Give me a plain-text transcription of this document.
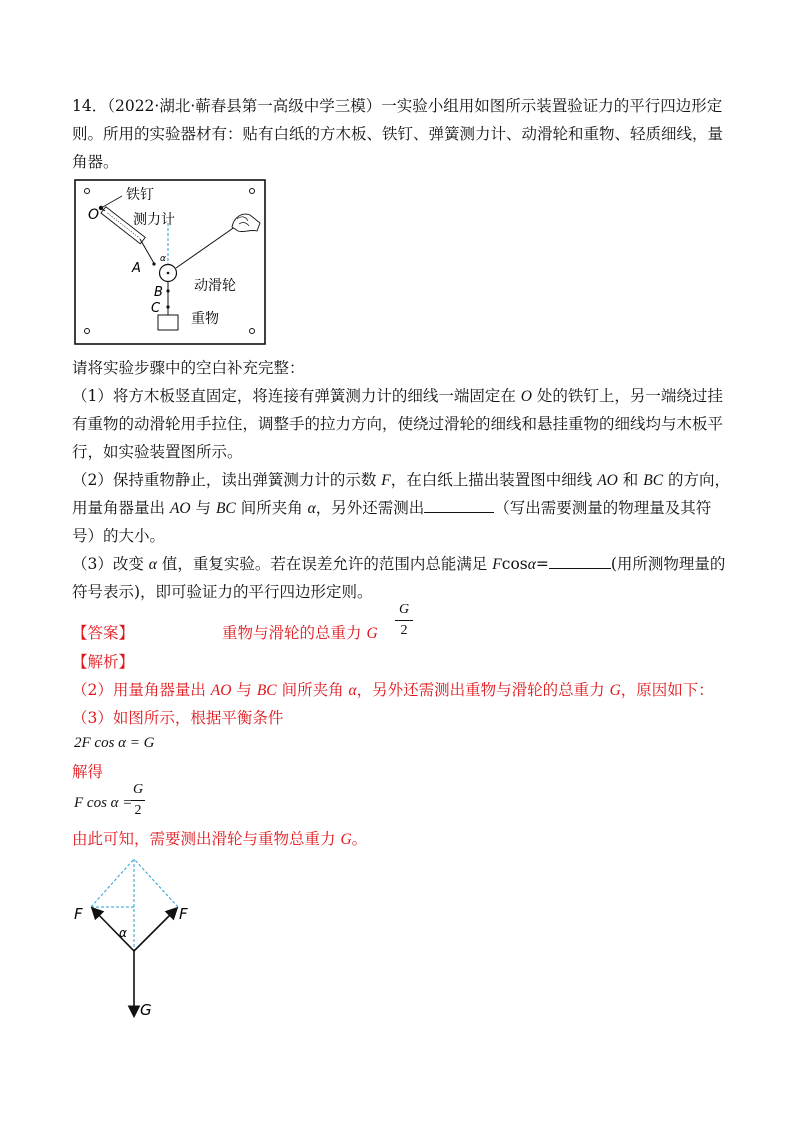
14．（2022·湖北·蕲春县第一高级中学三模）一实验小组用如图所示装置验证力的平行四边形定
则。所用的实验器材有：贴有白纸的方木板、铁钉、弹簧测力计、动滑轮和重物、轻质细线，量
角器。
铁钉
测力计
O
A
α
B
C
动滑轮
重物
请将实验步骤中的空白补充完整：
（1）将方木板竖直固定，将连接有弹簧测力计的细线一端固定在 O 处的铁钉上，另一端绕过挂
有重物的动滑轮用手拉住，调整手的拉力方向，使绕过滑轮的细线和悬挂重物的细线均与木板平
行，如实验装置图所示。
（2）保持重物静止，读出弹簧测力计的示数 F，在白纸上描出装置图中细线 AO 和 BC 的方向，
用量角器量出 AO 与 BC 间所夹角 α，另外还需测出	（写出需要测量的物理量及其符
号）的大小。
（3）改变 α 值，重复实验。若在误差允许的范围内总能满足 Fcosα=	(用所测物理量的
符号表示)，即可验证力的平行四边形定则。
【答案】	重物与滑轮的总重力 G
G
2
【解析】
（2）用量角器量出 AO 与 BC 间所夹角 α，另外还需测出重物与滑轮的总重力 G，原因如下：
（3）如图所示，根据平衡条件
2F cos α = G
解得
F cos α =
G
2
由此可知，需要测出滑轮与重物总重力 G。
F	F
α
G
